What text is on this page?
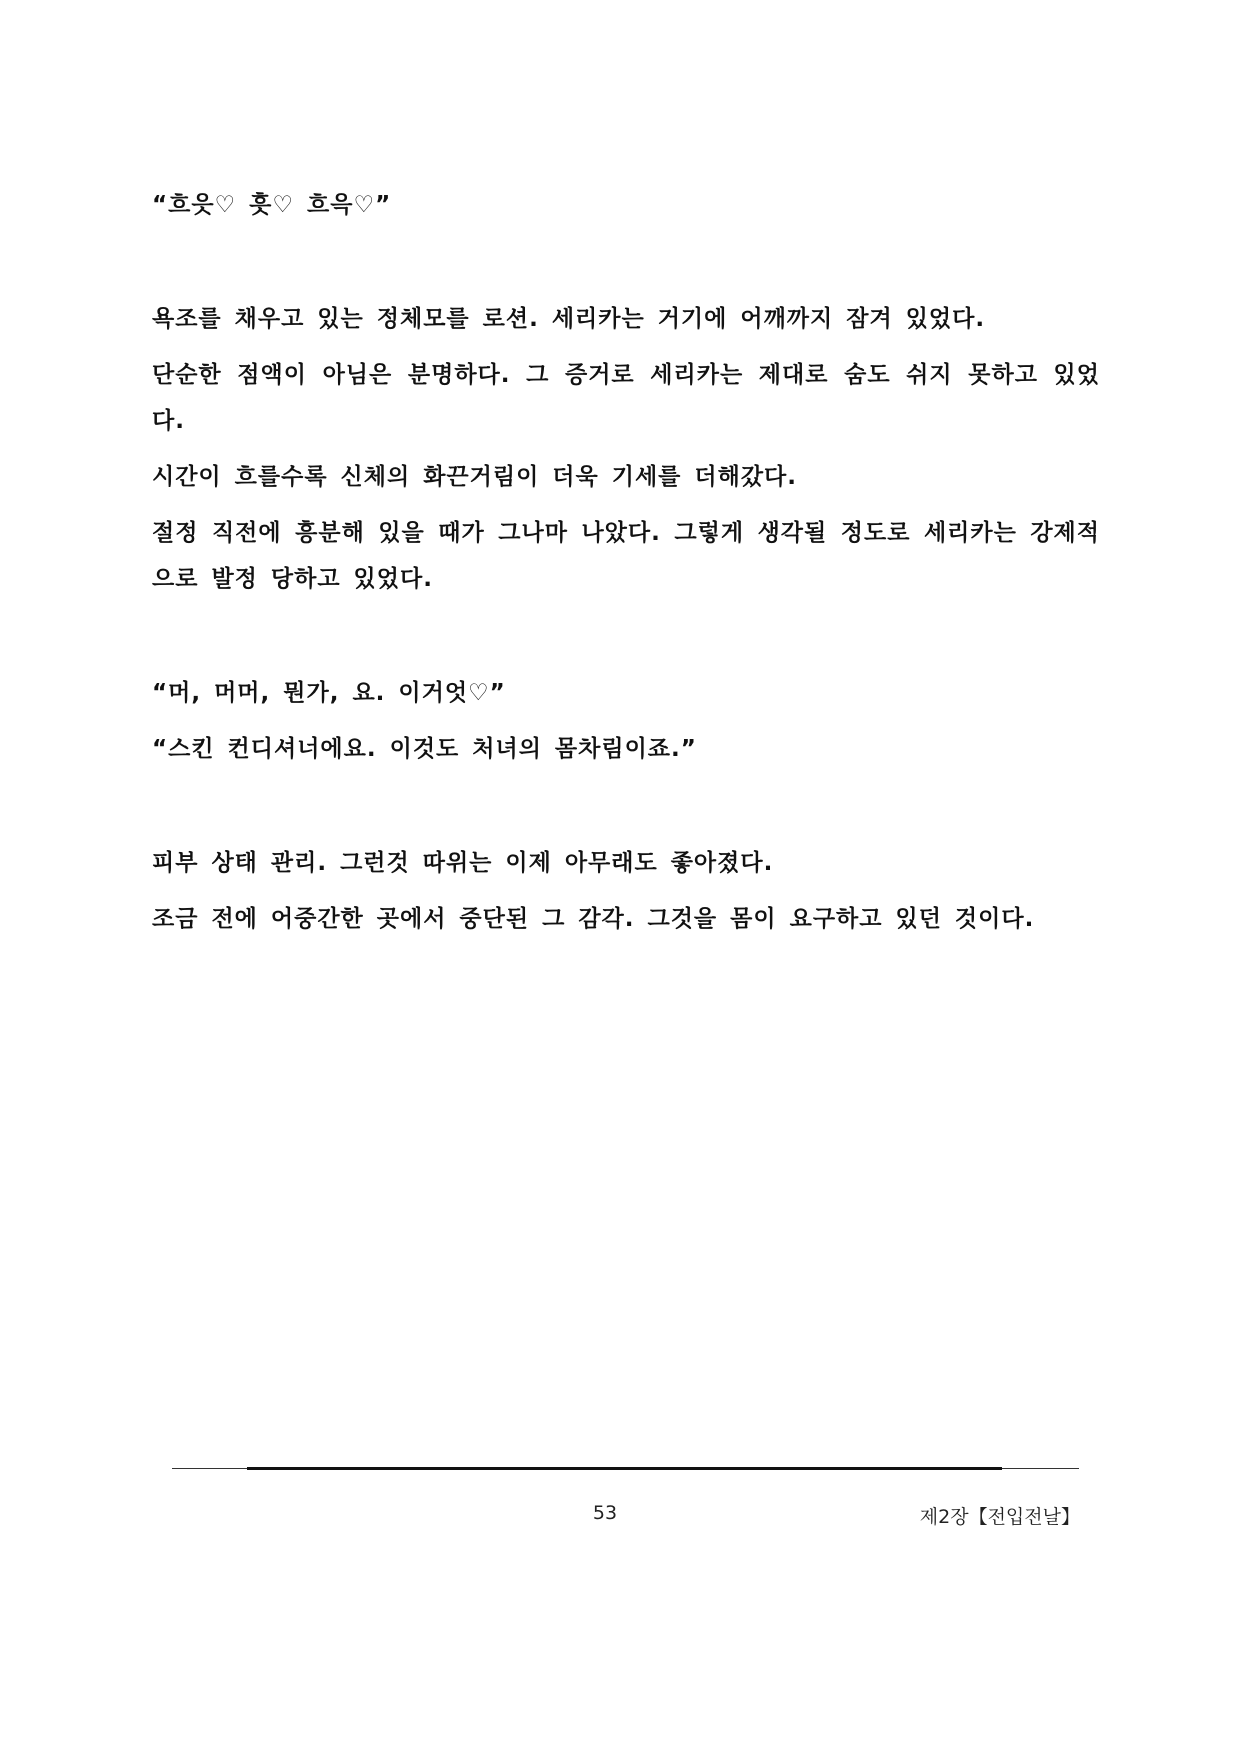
“흐읏♡ 흣♡ 흐윽♡”

욕조를 채우고 있는 정체모를 로션. 세리카는 거기에 어깨까지 잠겨 있었다.

단순한 점액이 아님은 분명하다. 그 증거로 세리카는 제대로 숨도 쉬지 못하고 있었다.

시간이 흐를수록 신체의 화끈거림이 더욱 기세를 더해갔다.

절정 직전에 흥분해 있을 때가 그나마 나았다. 그렇게 생각될 정도로 세리카는 강제적으로 발정 당하고 있었다.

“머, 머머, 뭔가, 요. 이거엇♡”

“스킨 컨디셔너에요. 이것도 처녀의 몸차림이죠.”

피부 상태 관리. 그런것 따위는 이제 아무래도 좋아졌다.

조금 전에 어중간한 곳에서 중단된 그 감각. 그것을 몸이 요구하고 있던 것이다.

53	제2장【전입전날】
